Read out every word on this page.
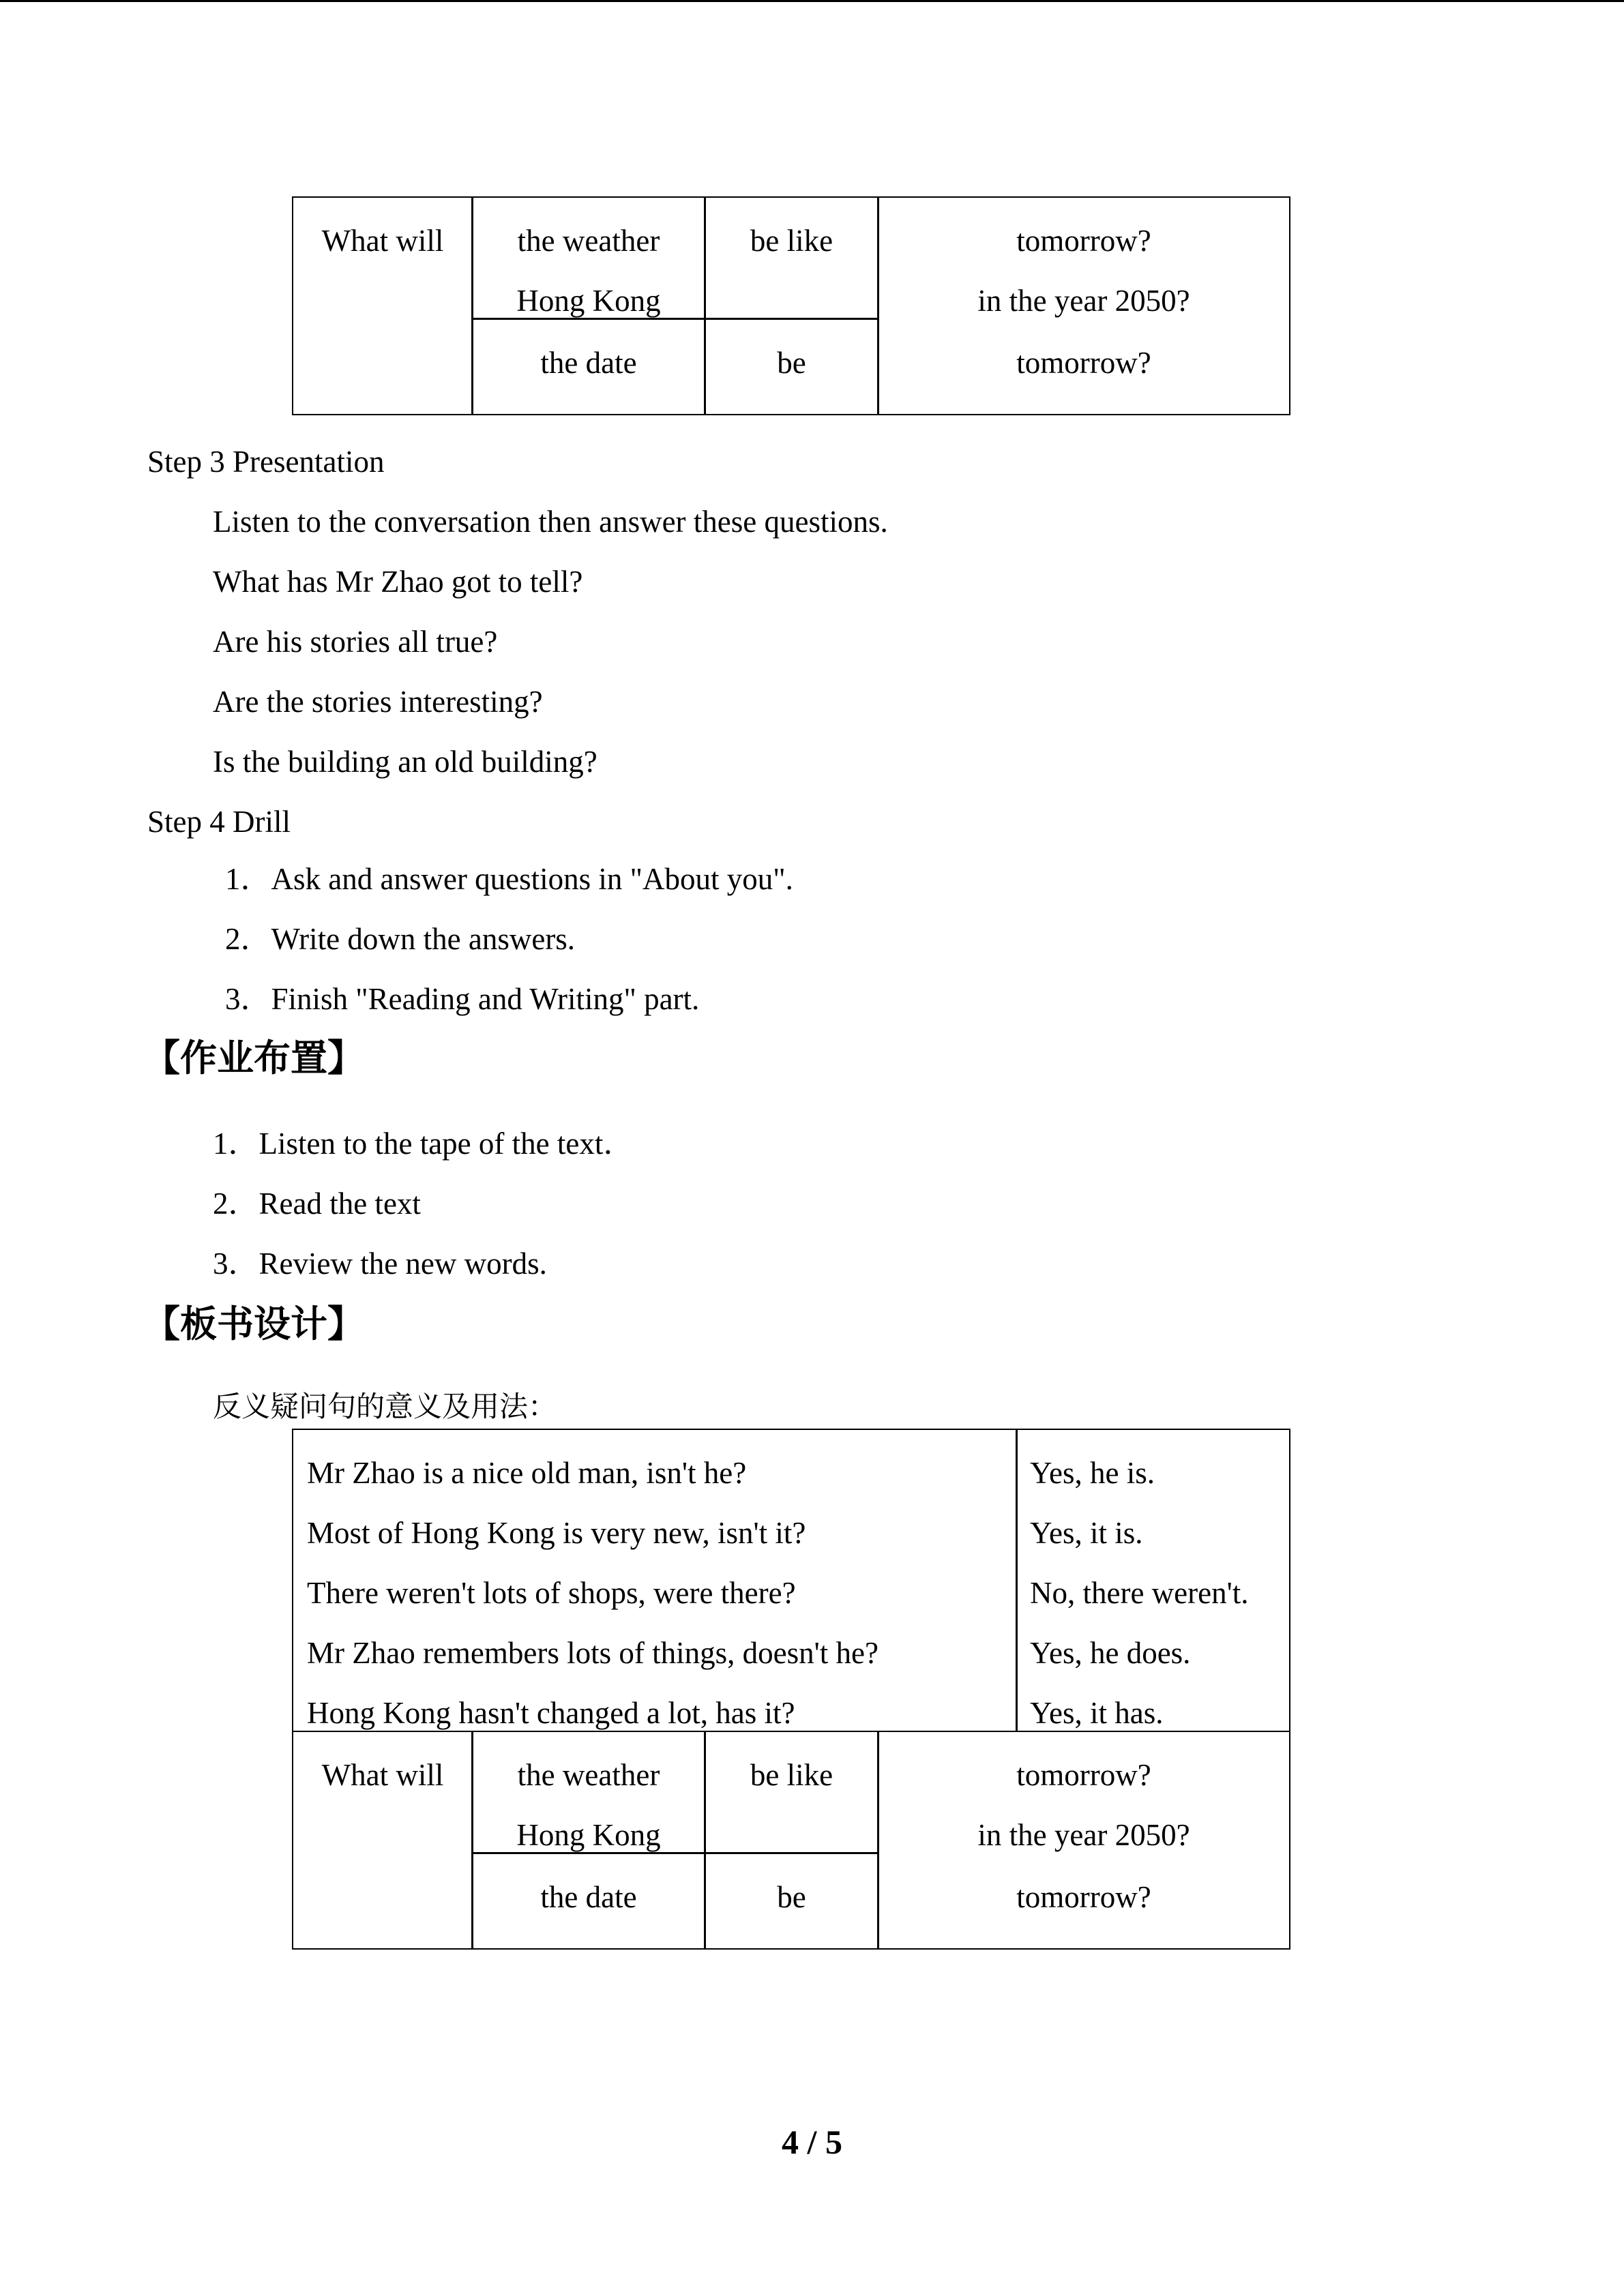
What will	the weather
Hong Kong
the date
be like
be
tomorrow?
in the year 2050?
tomorrow?
Step 3 Presentation
Listen to the conversation then answer these questions.
What has Mr Zhao got to tell?
Are his stories all true?
Are the stories interesting?
Is the building an old building?
Step 4 Drill
1．Ask and answer questions in "About you".
2．Write down the answers.
3．Finish "Reading and Writing" part.
【作业布置】
1．Listen to the tape of the text．
2．Read the text
3．Review the new words.
【板书设计】
反义疑问句的意义及用法：
Mr Zhao is a nice old man, isn't he?
Most of Hong Kong is very new, isn't it?
There weren't lots of shops, were there?
Mr Zhao remembers lots of things, doesn't he?
Hong Kong hasn't changed a lot, has it?
Yes, he is.
Yes, it is.
No, there weren't.
Yes, he does.
Yes, it has.
What will	the weather
Hong Kong
the date
be like
be
tomorrow?
in the year 2050?
tomorrow?
4 / 5
